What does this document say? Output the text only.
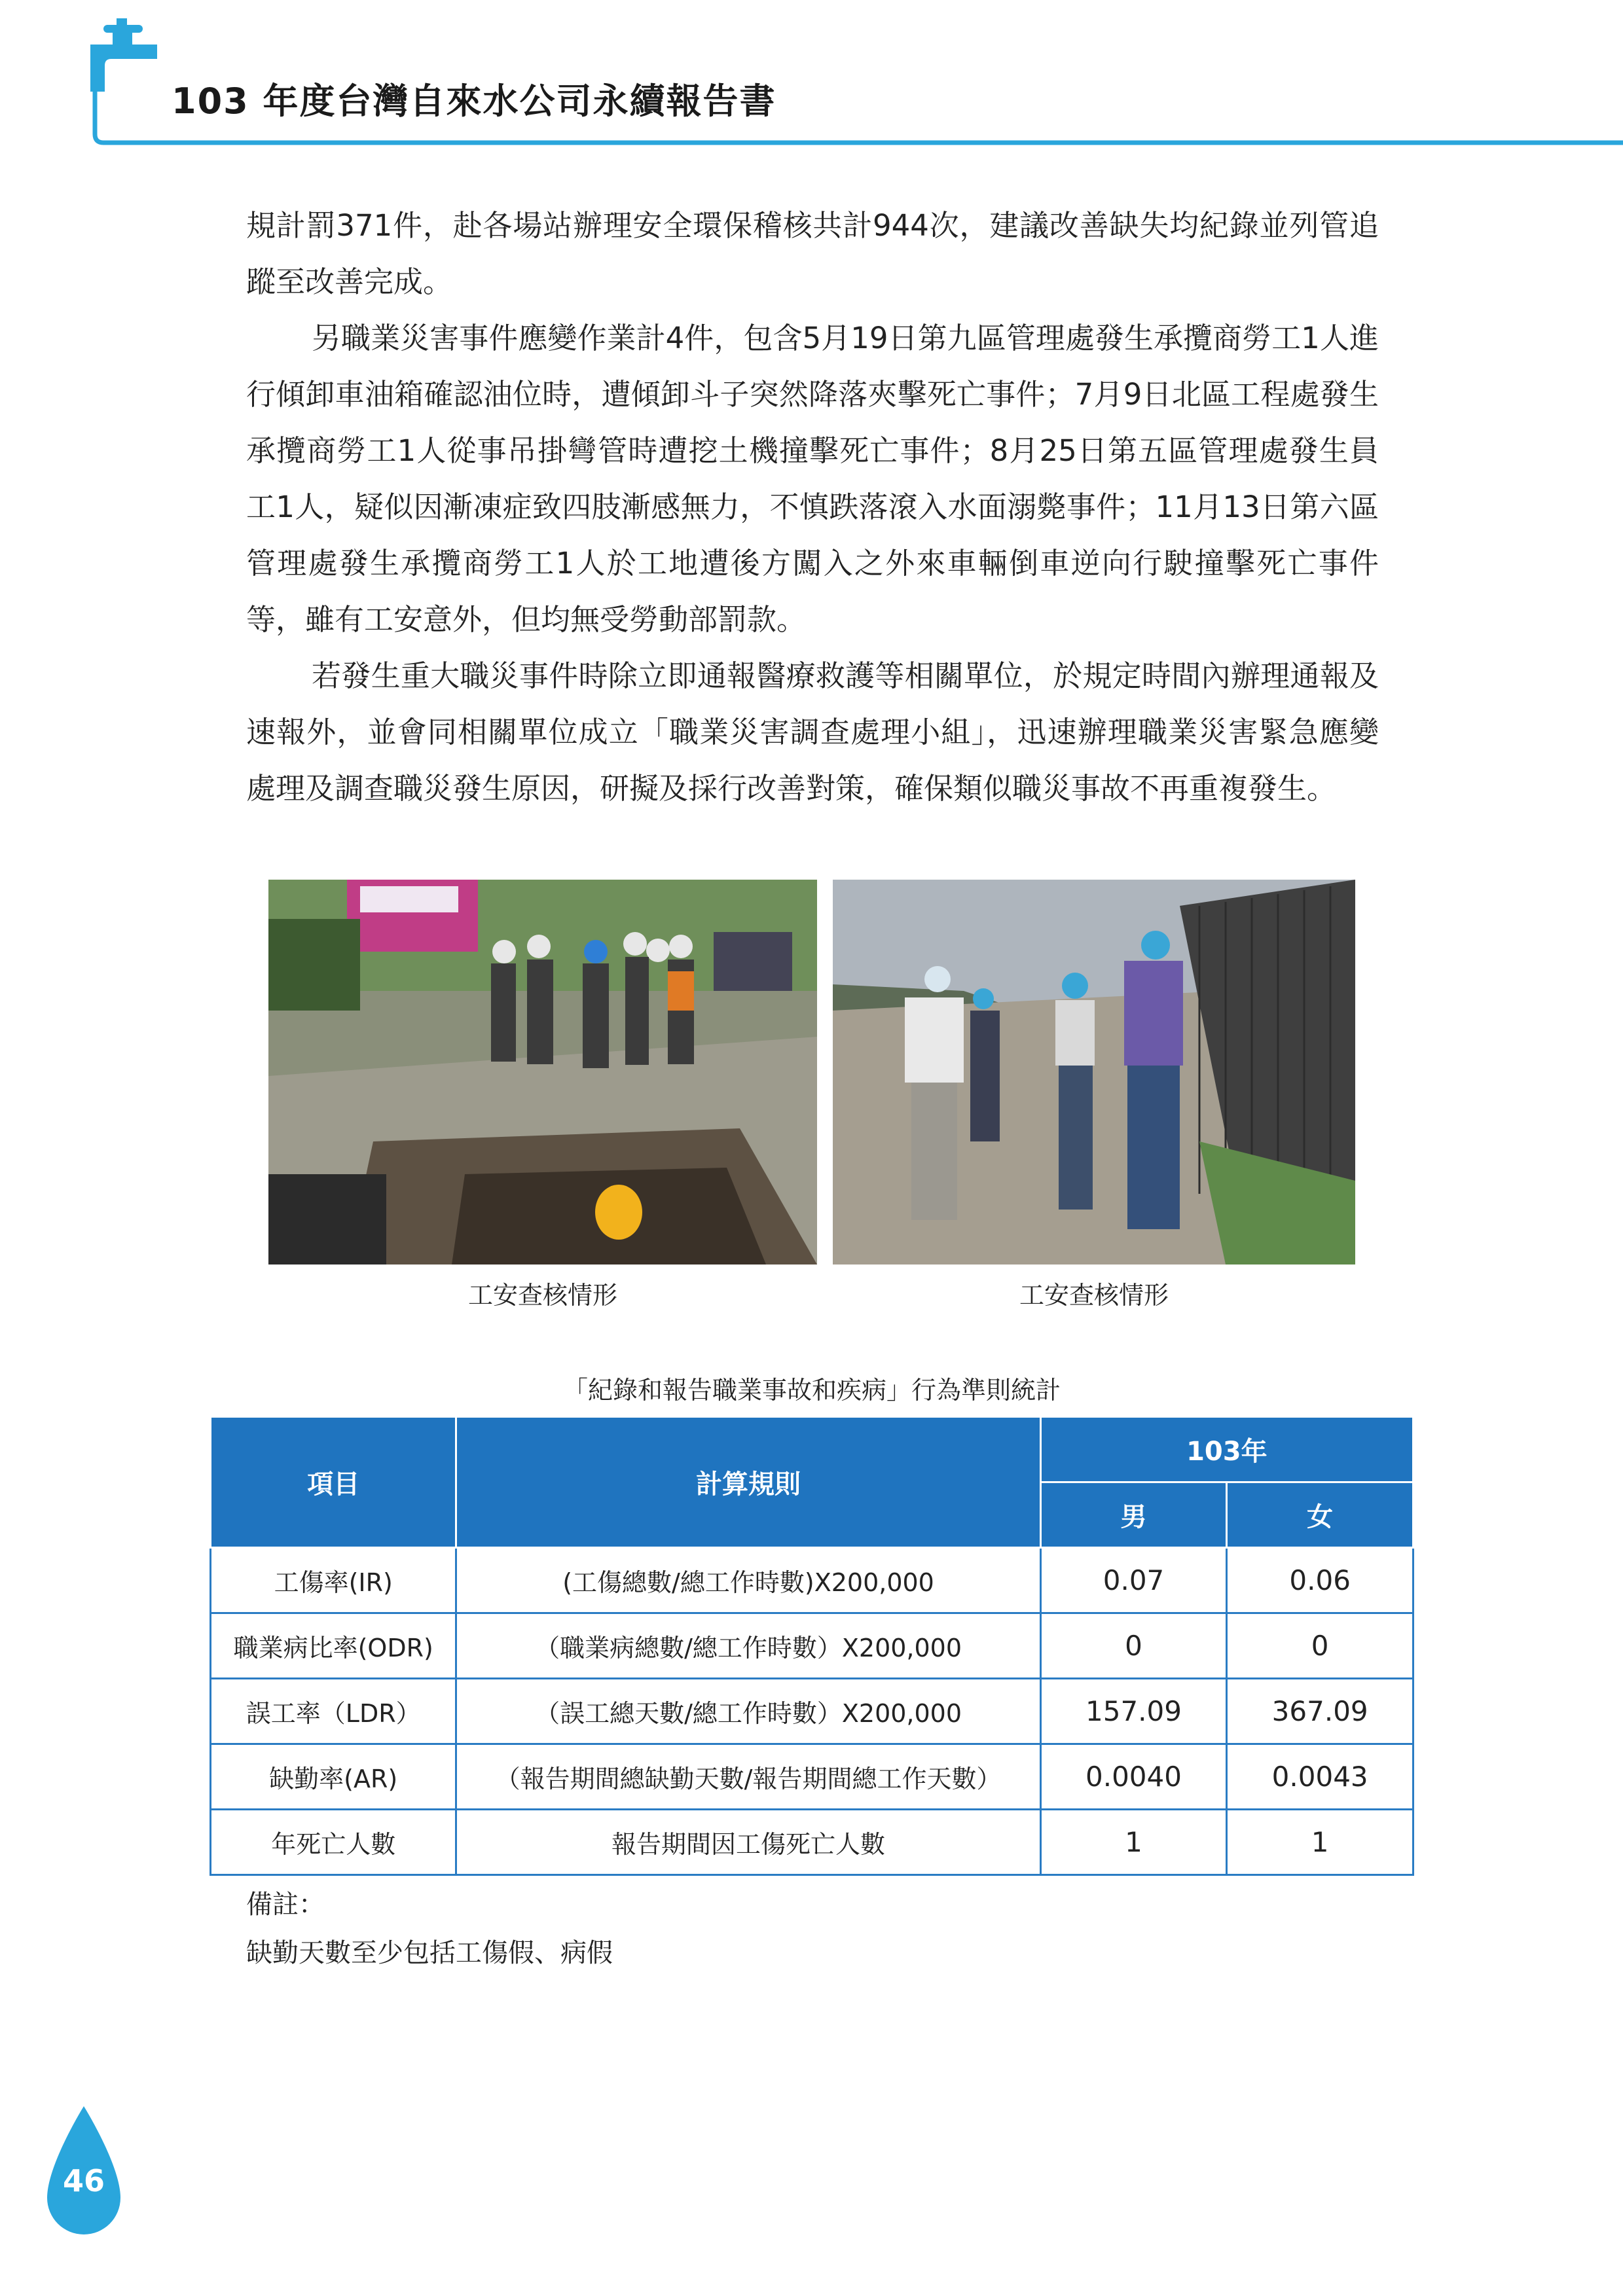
103 年度台灣自來水公司永續報告書

規計罰371件，赴各場站辦理安全環保稽核共計944次，建議改善缺失均紀錄並列管追蹤至改善完成。

另職業災害事件應變作業計4件，包含5月19日第九區管理處發生承攬商勞工1人進行傾卸車油箱確認油位時，遭傾卸斗子突然降落夾擊死亡事件；7月9日北區工程處發生承攬商勞工1人從事吊掛彎管時遭挖土機撞擊死亡事件；8月25日第五區管理處發生員工1人，疑似因漸凍症致四肢漸感無力，不慎跌落滾入水面溺斃事件；11月13日第六區管理處發生承攬商勞工1人於工地遭後方闖入之外來車輛倒車逆向行駛撞擊死亡事件等，雖有工安意外，但均無受勞動部罰款。

若發生重大職災事件時除立即通報醫療救護等相關單位，於規定時間內辦理通報及速報外，並會同相關單位成立「職業災害調查處理小組」，迅速辦理職業災害緊急應變處理及調查職災發生原因，研擬及採行改善對策，確保類似職災事故不再重複發生。

工安查核情形	工安查核情形
「紀錄和報告職業事故和疾病」行為準則統計
項目	計算規則	103年	
		男	女
工傷率(IR)	(工傷總數/總工作時數)X200,000	0.07	0.06
職業病比率(ODR)	（職業病總數/總工作時數）X200,000	0	0
誤工率（LDR）	（誤工總天數/總工作時數）X200,000	157.09	367.09
缺勤率(AR)	（報告期間總缺勤天數/報告期間總工作天數）	0.0040	0.0043
年死亡人數	報告期間因工傷死亡人數	1	1
備註：
缺勤天數至少包括工傷假、病假
46
